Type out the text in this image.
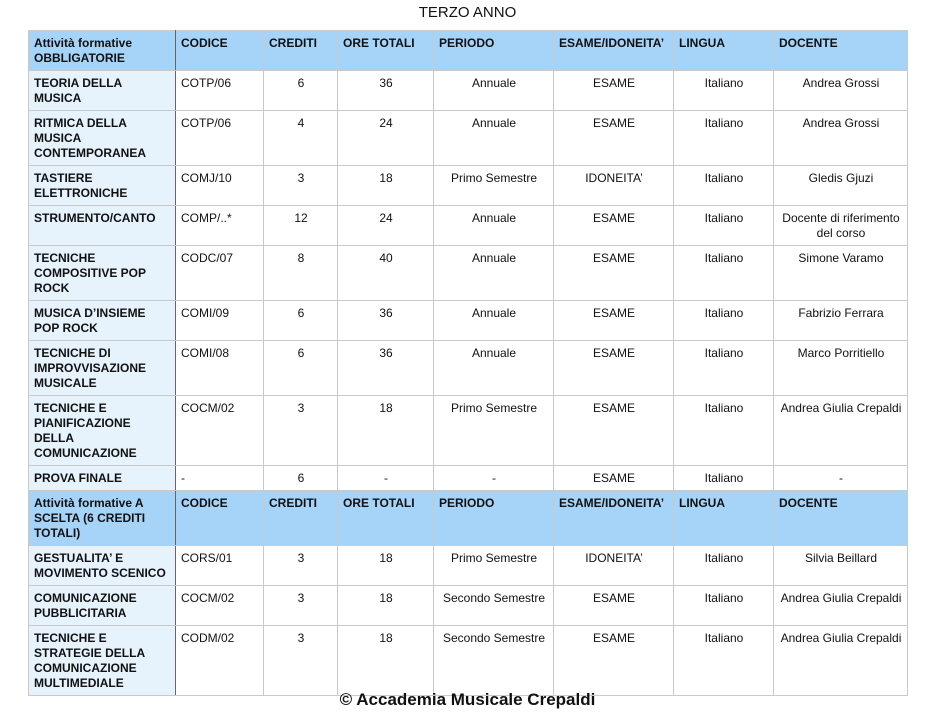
TERZO ANNO
Attività formative OBBLIGATORIE	CODICE	CREDITI	ORE TOTALI	PERIODO	ESAME/IDONEITA’	LINGUA	DOCENTE
TEORIA DELLA MUSICA	COTP/06	6	36	Annuale	ESAME	Italiano	Andrea Grossi
RITMICA DELLA MUSICA CONTEMPORANEA	COTP/06	4	24	Annuale	ESAME	Italiano	Andrea Grossi
TASTIERE ELETTRONICHE	COMJ/10	3	18	Primo Semestre	IDONEITA’	Italiano	Gledis Gjuzi
STRUMENTO/CANTO	COMP/..*	12	24	Annuale	ESAME	Italiano	Docente di riferimento del corso
TECNICHE COMPOSITIVE POP ROCK	CODC/07	8	40	Annuale	ESAME	Italiano	Simone Varamo
MUSICA D’INSIEME POP ROCK	COMI/09	6	36	Annuale	ESAME	Italiano	Fabrizio Ferrara
TECNICHE DI IMPROVVISAZIONE MUSICALE	COMI/08	6	36	Annuale	ESAME	Italiano	Marco Porritiello
TECNICHE E PIANIFICAZIONE DELLA COMUNICAZIONE	COCM/02	3	18	Primo Semestre	ESAME	Italiano	Andrea Giulia Crepaldi
PROVA FINALE	-	6	-	-	ESAME	Italiano	-
Attività formative A SCELTA (6 CREDITI TOTALI)	CODICE	CREDITI	ORE TOTALI	PERIODO	ESAME/IDONEITA’	LINGUA	DOCENTE
GESTUALITA’ E MOVIMENTO SCENICO	CORS/01	3	18	Primo Semestre	IDONEITA’	Italiano	Silvia Beillard
COMUNICAZIONE PUBBLICITARIA	COCM/02	3	18	Secondo Semestre	ESAME	Italiano	Andrea Giulia Crepaldi
TECNICHE E STRATEGIE DELLA COMUNICAZIONE MULTIMEDIALE	CODM/02	3	18	Secondo Semestre	ESAME	Italiano	Andrea Giulia Crepaldi
© Accademia Musicale Crepaldi
